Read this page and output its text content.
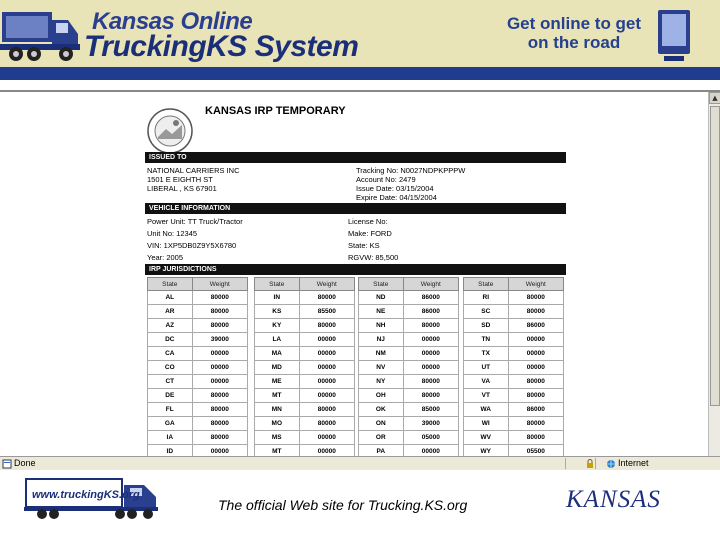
Kansas Online
TruckingKS System
Get online to get
on the road
▲
KANSAS IRP TEMPORARY
ISSUED TO
NATIONAL CARRIERS INC
1501 E EIGHTH ST
LIBERAL , KS 67901
Tracking No: N0027NDPKPPPW
Account No: 2479
Issue Date: 03/15/2004
Expire Date: 04/15/2004
VEHICLE INFORMATION
Power Unit: TT Truck/Tractor
Unit No: 12345
VIN: 1XP5DB0Z9Y5X6780
Year: 2005
License No:
Make: FORD
State: KS
RGVW: 85,500
IRP JURISDICTIONS
State	Weight
AL	80000
AR	80000
AZ	80000
DC	39000
CA	00000
CO	00000
CT	00000
DE	80000
FL	80000
GA	80000
IA	80000
ID	00000
State	Weight
IN	80000
KS	85500
KY	80000
LA	00000
MA	00000
MD	00000
ME	00000
MT	00000
MN	80000
MO	80000
MS	00000
MT	00000
State	Weight
ND	86000
NE	86000
NH	80000
NJ	00000
NM	00000
NV	00000
NY	80000
OH	80000
OK	85000
ON	39000
OR	05000
PA	00000
State	Weight
RI	80000
SC	80000
SD	86000
TN	00000
TX	00000
UT	00000
VA	80000
VT	80000
WA	86000
WI	80000
WV	80000
WY	05500
Done	Internet
www.truckingKS.org
The official Web site for Trucking.KS.org	KANSAS
